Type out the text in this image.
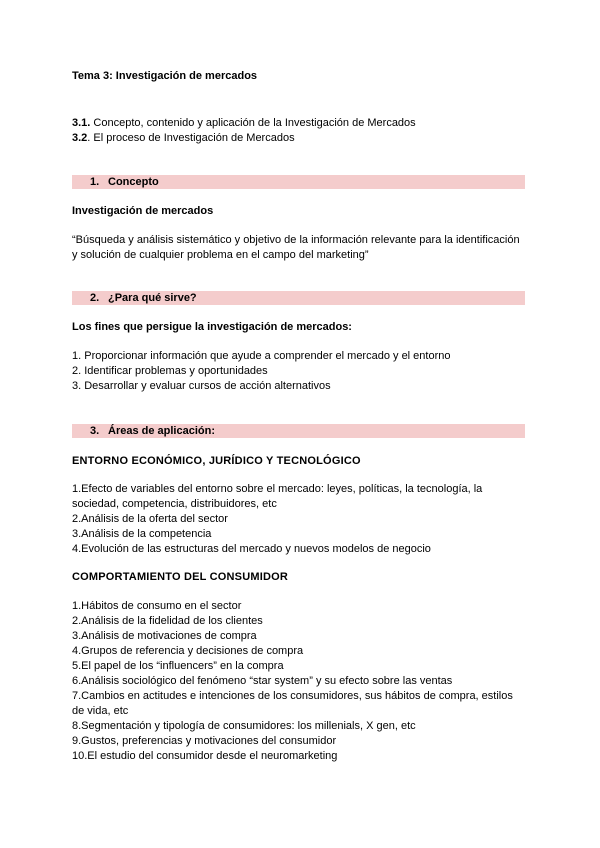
Tema 3: Investigación de mercados
3.1. Concepto, contenido y aplicación de la Investigación de Mercados
3.2. El proceso de Investigación de Mercados
1. Concepto
Investigación de mercados
“Búsqueda y análisis sistemático y objetivo de la información relevante para la identificación
y solución de cualquier problema en el campo del marketing”
2. ¿Para qué sirve?
Los fines que persigue la investigación de mercados:
1. Proporcionar información que ayude a comprender el mercado y el entorno
2. Identificar problemas y oportunidades
3. Desarrollar y evaluar cursos de acción alternativos
3. Áreas de aplicación:
ENTORNO ECONÓMICO, JURÍDICO Y TECNOLÓGICO
1.Efecto de variables del entorno sobre el mercado: leyes, políticas, la tecnología, la
sociedad, competencia, distribuidores, etc
2.Análisis de la oferta del sector
3.Análisis de la competencia
4.Evolución de las estructuras del mercado y nuevos modelos de negocio
COMPORTAMIENTO DEL CONSUMIDOR
1.Hábitos de consumo en el sector
2.Análisis de la fidelidad de los clientes
3.Análisis de motivaciones de compra
4.Grupos de referencia y decisiones de compra
5.El papel de los “influencers” en la compra
6.Análisis sociológico del fenómeno “star system” y su efecto sobre las ventas
7.Cambios en actitudes e intenciones de los consumidores, sus hábitos de compra, estilos
de vida, etc
8.Segmentación y tipología de consumidores: los millenials, X gen, etc
9.Gustos, preferencias y motivaciones del consumidor
10.El estudio del consumidor desde el neuromarketing
